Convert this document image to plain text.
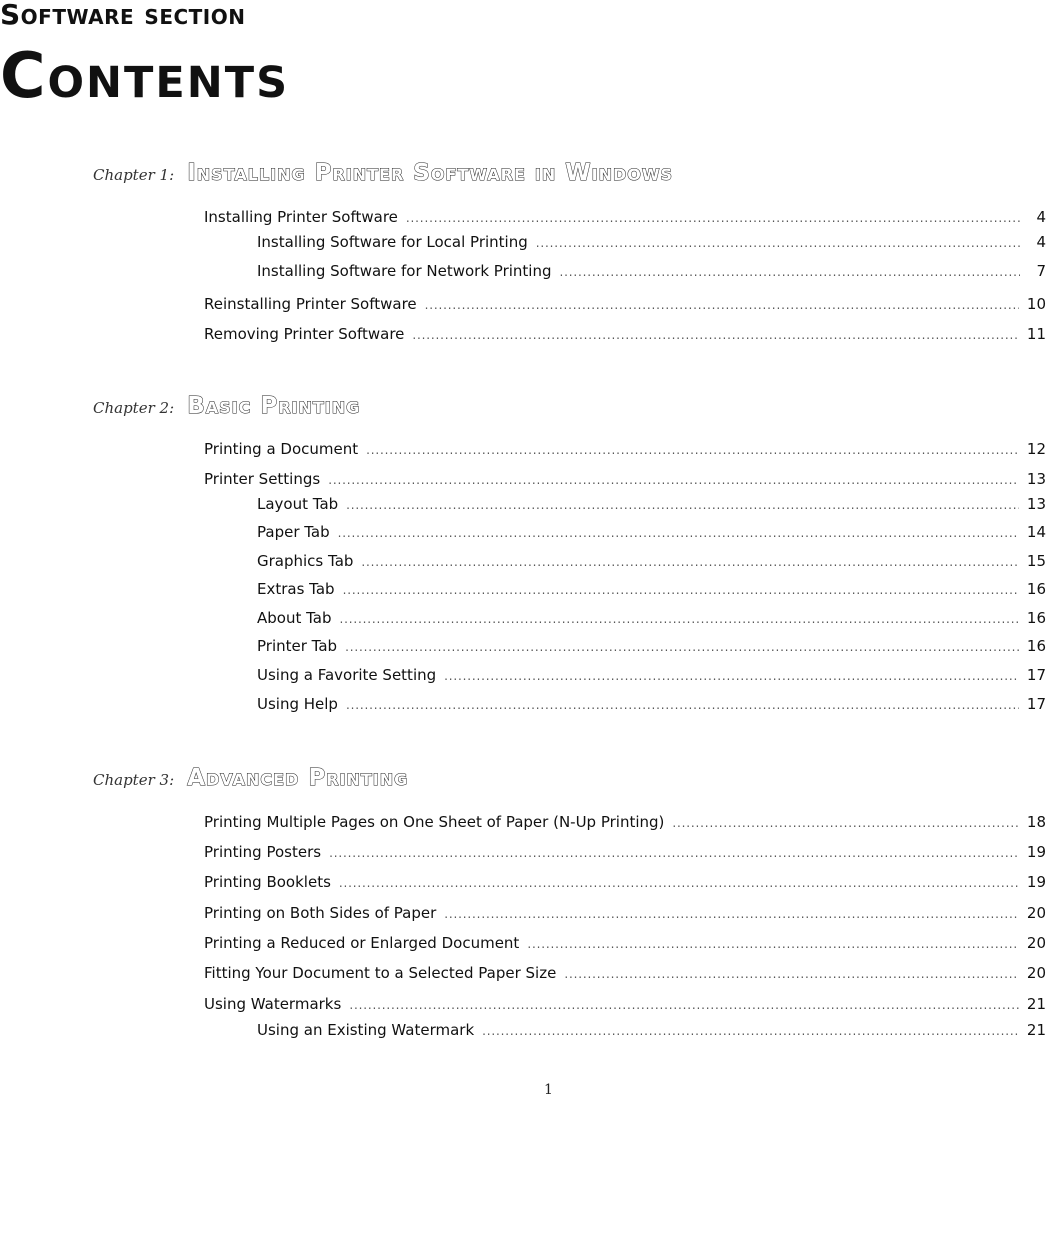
Software section
Contents
Chapter 1: Installing Printer Software in Windows
Installing Printer Software . . .	4
Installing Software for Local Printing . . .	4
Installing Software for Network Printing . . .	7
Reinstalling Printer Software . . .	10
Removing Printer Software . . .	11
Chapter 2: Basic Printing
Printing a Document . . .	12
Printer Settings . . .	13
Layout Tab . . .	13
Paper Tab . . .	14
Graphics Tab . . .	15
Extras Tab . . .	16
About Tab . . .	16
Printer Tab . . .	16
Using a Favorite Setting . . .	17
Using Help . . .	17
Chapter 3: Advanced Printing
Printing Multiple Pages on One Sheet of Paper (N-Up Printing) . . .	18
Printing Posters . . .	19
Printing Booklets . . .	19
Printing on Both Sides of Paper . . .	20
Printing a Reduced or Enlarged Document . . .	20
Fitting Your Document to a Selected Paper Size . . .	20
Using Watermarks . . .	21
Using an Existing Watermark . . .	21
1
